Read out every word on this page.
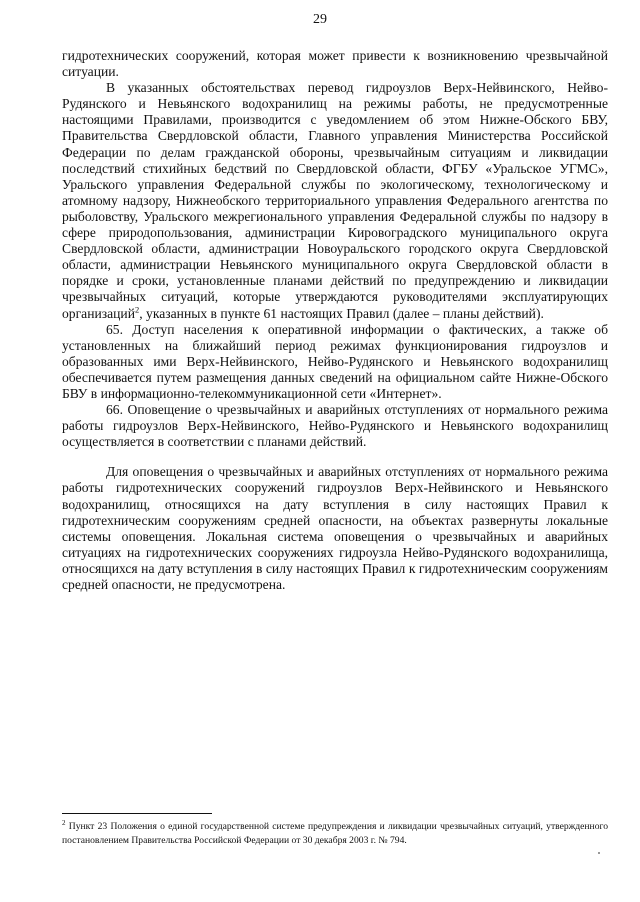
29

гидротехнических сооружений, которая может привести к возникновению чрезвычайной ситуации.

В указанных обстоятельствах перевод гидроузлов Верх-Нейвинского, Нейво-Рудянского и Невьянского водохранилищ на режимы работы, не предусмотренные настоящими Правилами, производится с уведомлением об этом Нижне-Обского БВУ, Правительства Свердловской области, Главного управления Министерства Российской Федерации по делам гражданской обороны, чрезвычайным ситуациям и ликвидации последствий стихийных бедствий по Свердловской области, ФГБУ «Уральское УГМС», Уральского управления Федеральной службы по экологическому, технологическому и атомному надзору, Нижнеобского территориального управления Федерального агентства по рыболовству, Уральского межрегионального управления Федеральной службы по надзору в сфере природопользования, администрации Кировоградского муниципального округа Свердловской области, администрации Новоуральского городского округа Свердловской области, администрации Невьянского муниципального округа Свердловской области в порядке и сроки, установленные планами действий по предупреждению и ликвидации чрезвычайных ситуаций, которые утверждаются руководителями эксплуатирующих организаций$^2$, указанных в пункте 61 настоящих Правил (далее – планы действий).

65. Доступ населения к оперативной информации о фактических, а также об установленных на ближайший период режимах функционирования гидроузлов и образованных ими Верх-Нейвинского, Нейво-Рудянского и Невьянского водохранилищ обеспечивается путем размещения данных сведений на официальном сайте Нижне-Обского БВУ в информационно-телекоммуникационной сети «Интернет».

66. Оповещение о чрезвычайных и аварийных отступлениях от нормального режима работы гидроузлов Верх-Нейвинского, Нейво-Рудянского и Невьянского водохранилищ осуществляется в соответствии с планами действий.

Для оповещения о чрезвычайных и аварийных отступлениях от нормального режима работы гидротехнических сооружений гидроузлов Верх-Нейвинского и Невьянского водохранилищ, относящихся на дату вступления в силу настоящих Правил к гидротехническим сооружениям средней опасности, на объектах развернуты локальные системы оповещения. Локальная система оповещения о чрезвычайных и аварийных ситуациях на гидротехнических сооружениях гидроузла Нейво-Рудянского водохранилища, относящихся на дату вступления в силу настоящих Правил к гидротехническим сооружениям средней опасности, не предусмотрена.

$^2$ Пункт 23 Положения о единой государственной системе предупреждения и ликвидации чрезвычайных ситуаций, утвержденного постановлением Правительства Российской Федерации от 30 декабря 2003 г. № 794.
